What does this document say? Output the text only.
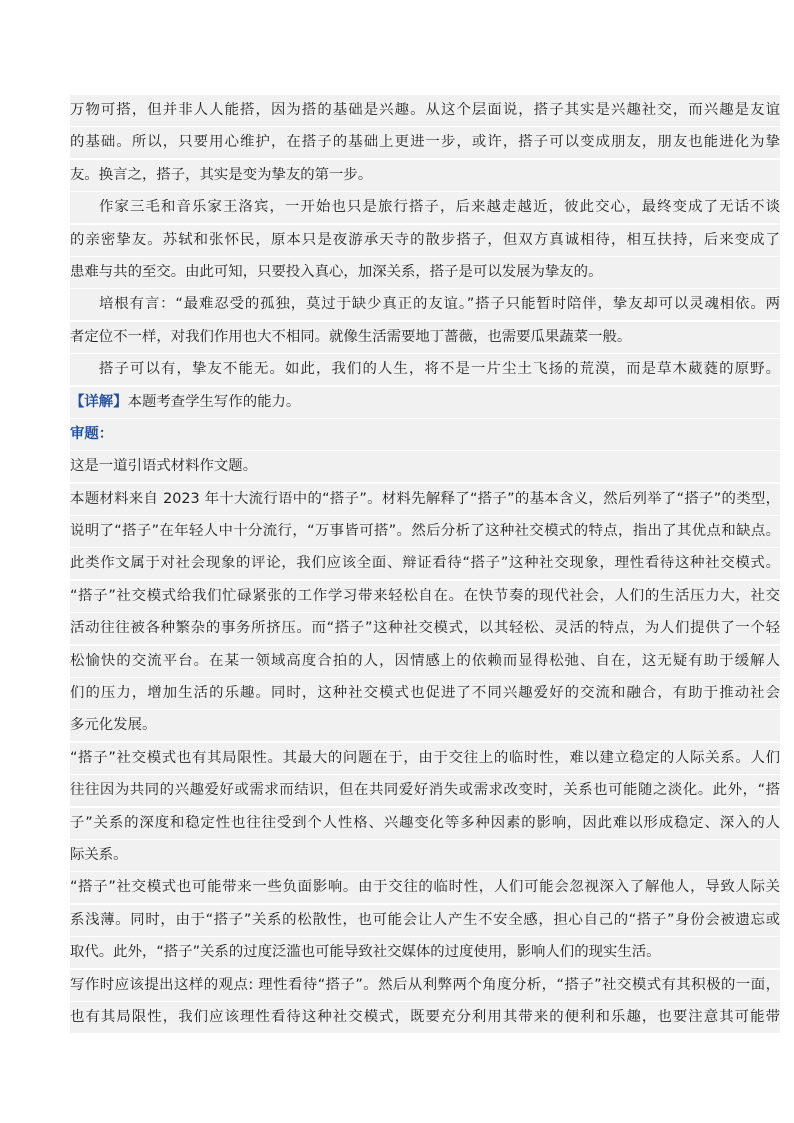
万物可搭，但并非人人能搭，因为搭的基础是兴趣。从这个层面说，搭子其实是兴趣社交，而兴趣是友谊
的基础。所以，只要用心维护，在搭子的基础上更进一步，或许，搭子可以变成朋友，朋友也能进化为挚
友。换言之，搭子，其实是变为挚友的第一步。
作家三毛和音乐家王洛宾，一开始也只是旅行搭子，后来越走越近，彼此交心，最终变成了无话不谈
的亲密挚友。苏轼和张怀民，原本只是夜游承天寺的散步搭子，但双方真诚相待，相互扶持，后来变成了
患难与共的至交。由此可知，只要投入真心，加深关系，搭子是可以发展为挚友的。
培根有言：“最难忍受的孤独，莫过于缺少真正的友谊。”搭子只能暂时陪伴，挚友却可以灵魂相依。两
者定位不一样，对我们作用也大不相同。就像生活需要地丁蔷薇，也需要瓜果蔬菜一般。
搭子可以有，挚友不能无。如此，我们的人生，将不是一片尘土飞扬的荒漠，而是草木葳蕤的原野。
【详解】本题考查学生写作的能力。
审题：
这是一道引语式材料作文题。
本题材料来自 2023 年十大流行语中的“搭子”。材料先解释了“搭子”的基本含义，然后列举了“搭子”的类型，
说明了“搭子”在年轻人中十分流行，“万事皆可搭”。然后分析了这种社交模式的特点，指出了其优点和缺点。
此类作文属于对社会现象的评论，我们应该全面、辩证看待“搭子”这种社交现象，理性看待这种社交模式。
“搭子”社交模式给我们忙碌紧张的工作学习带来轻松自在。在快节奏的现代社会，人们的生活压力大，社交
活动往往被各种繁杂的事务所挤压。而“搭子”这种社交模式，以其轻松、灵活的特点，为人们提供了一个轻
松愉快的交流平台。在某一领域高度合拍的人，因情感上的依赖而显得松弛、自在，这无疑有助于缓解人
们的压力，增加生活的乐趣。同时，这种社交模式也促进了不同兴趣爱好的交流和融合，有助于推动社会
多元化发展。
“搭子”社交模式也有其局限性。其最大的问题在于，由于交往上的临时性，难以建立稳定的人际关系。人们
往往因为共同的兴趣爱好或需求而结识，但在共同爱好消失或需求改变时，关系也可能随之淡化。此外，“搭
子”关系的深度和稳定性也往往受到个人性格、兴趣变化等多种因素的影响，因此难以形成稳定、深入的人
际关系。
“搭子”社交模式也可能带来一些负面影响。由于交往的临时性，人们可能会忽视深入了解他人，导致人际关
系浅薄。同时，由于“搭子”关系的松散性，也可能会让人产生不安全感，担心自己的“搭子”身份会被遗忘或
取代。此外，“搭子”关系的过度泛滥也可能导致社交媒体的过度使用，影响人们的现实生活。
写作时应该提出这样的观点: 理性看待“搭子”。然后从利弊两个角度分析，“搭子”社交模式有其积极的一面，
也有其局限性，我们应该理性看待这种社交模式，既要充分利用其带来的便利和乐趣，也要注意其可能带
